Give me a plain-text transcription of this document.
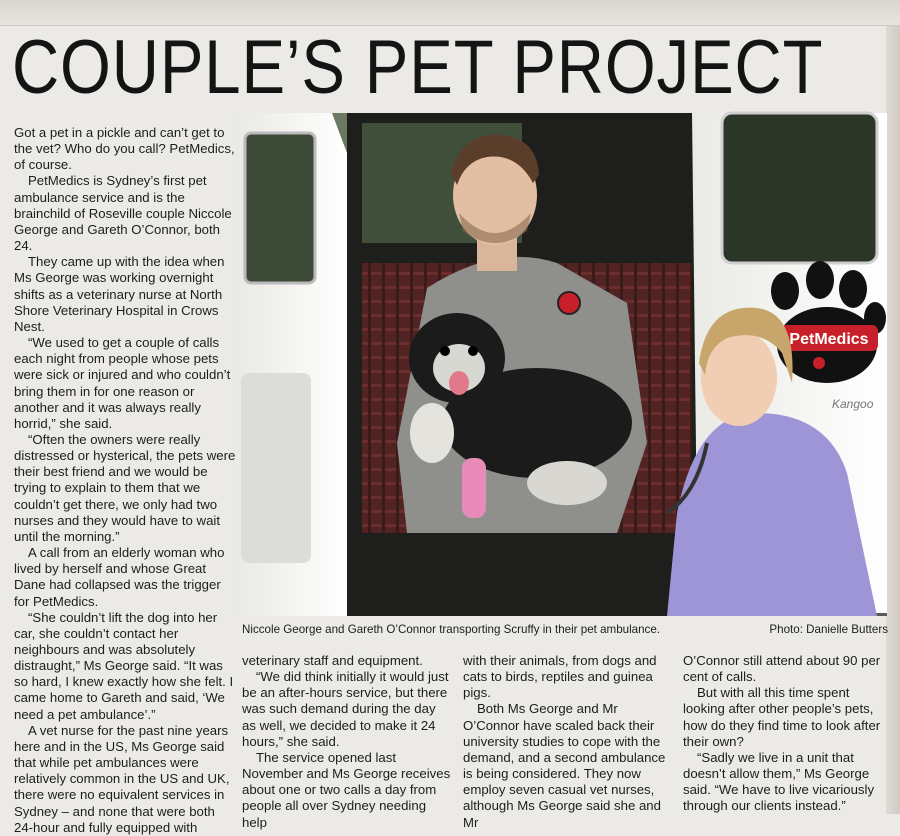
COUPLE’S PET PROJECT

Got a pet in a pickle and can’t get to the vet? Who do you call? PetMedics, of course.

PetMedics is Sydney’s first pet ambulance service and is the brainchild of Roseville couple Niccole George and Gareth O’Connor, both 24.

They came up with the idea when Ms George was working overnight shifts as a veterinary nurse at North Shore Veterinary Hospital in Crows Nest.

“We used to get a couple of calls each night from people whose pets were sick or injured and who couldn’t bring them in for one reason or another and it was always really horrid,” she said.

“Often the owners were really distressed or hysterical, the pets were their best friend and we would be trying to explain to them that we couldn’t get there, we only had two nurses and they would have to wait until the morning.”

A call from an elderly woman who lived by herself and whose Great Dane had collapsed was the trigger for PetMedics.

“She couldn’t lift the dog into her car, she couldn’t contact her neighbours and was absolutely distraught,” Ms George said. “It was so hard, I knew exactly how she felt. I came home to Gareth and said, ‘We need a pet ambulance’.”

A vet nurse for the past nine years here and in the US, Ms George said that while pet ambulances were relatively common in the US and UK, there were no equivalent services in Sydney – and none that were both 24-hour and fully equipped with

veterinary staff and equipment.

“We did think initially it would just be an after-hours service, but there was such demand during the day as well, we decided to make it 24 hours,” she said.

The service opened last November and Ms George receives about one or two calls a day from people all over Sydney needing help

with their animals, from dogs and cats to birds, reptiles and guinea pigs.

Both Ms George and Mr O’Connor have scaled back their university studies to cope with the demand, and a second ambulance is being considered. They now employ seven casual vet nurses, although Ms George said she and Mr

O’Connor still attend about 90 per cent of calls.

But with all this time spent looking after other people’s pets, how do they find time to look after their own?

“Sadly we live in a unit that doesn’t allow them,” Ms George said. “We have to live vicariously through our clients instead.”

PetMedics
Kangoo
Niccole George and Gareth O’Connor transporting Scruffy in their pet ambulance.	Photo: Danielle Butters
